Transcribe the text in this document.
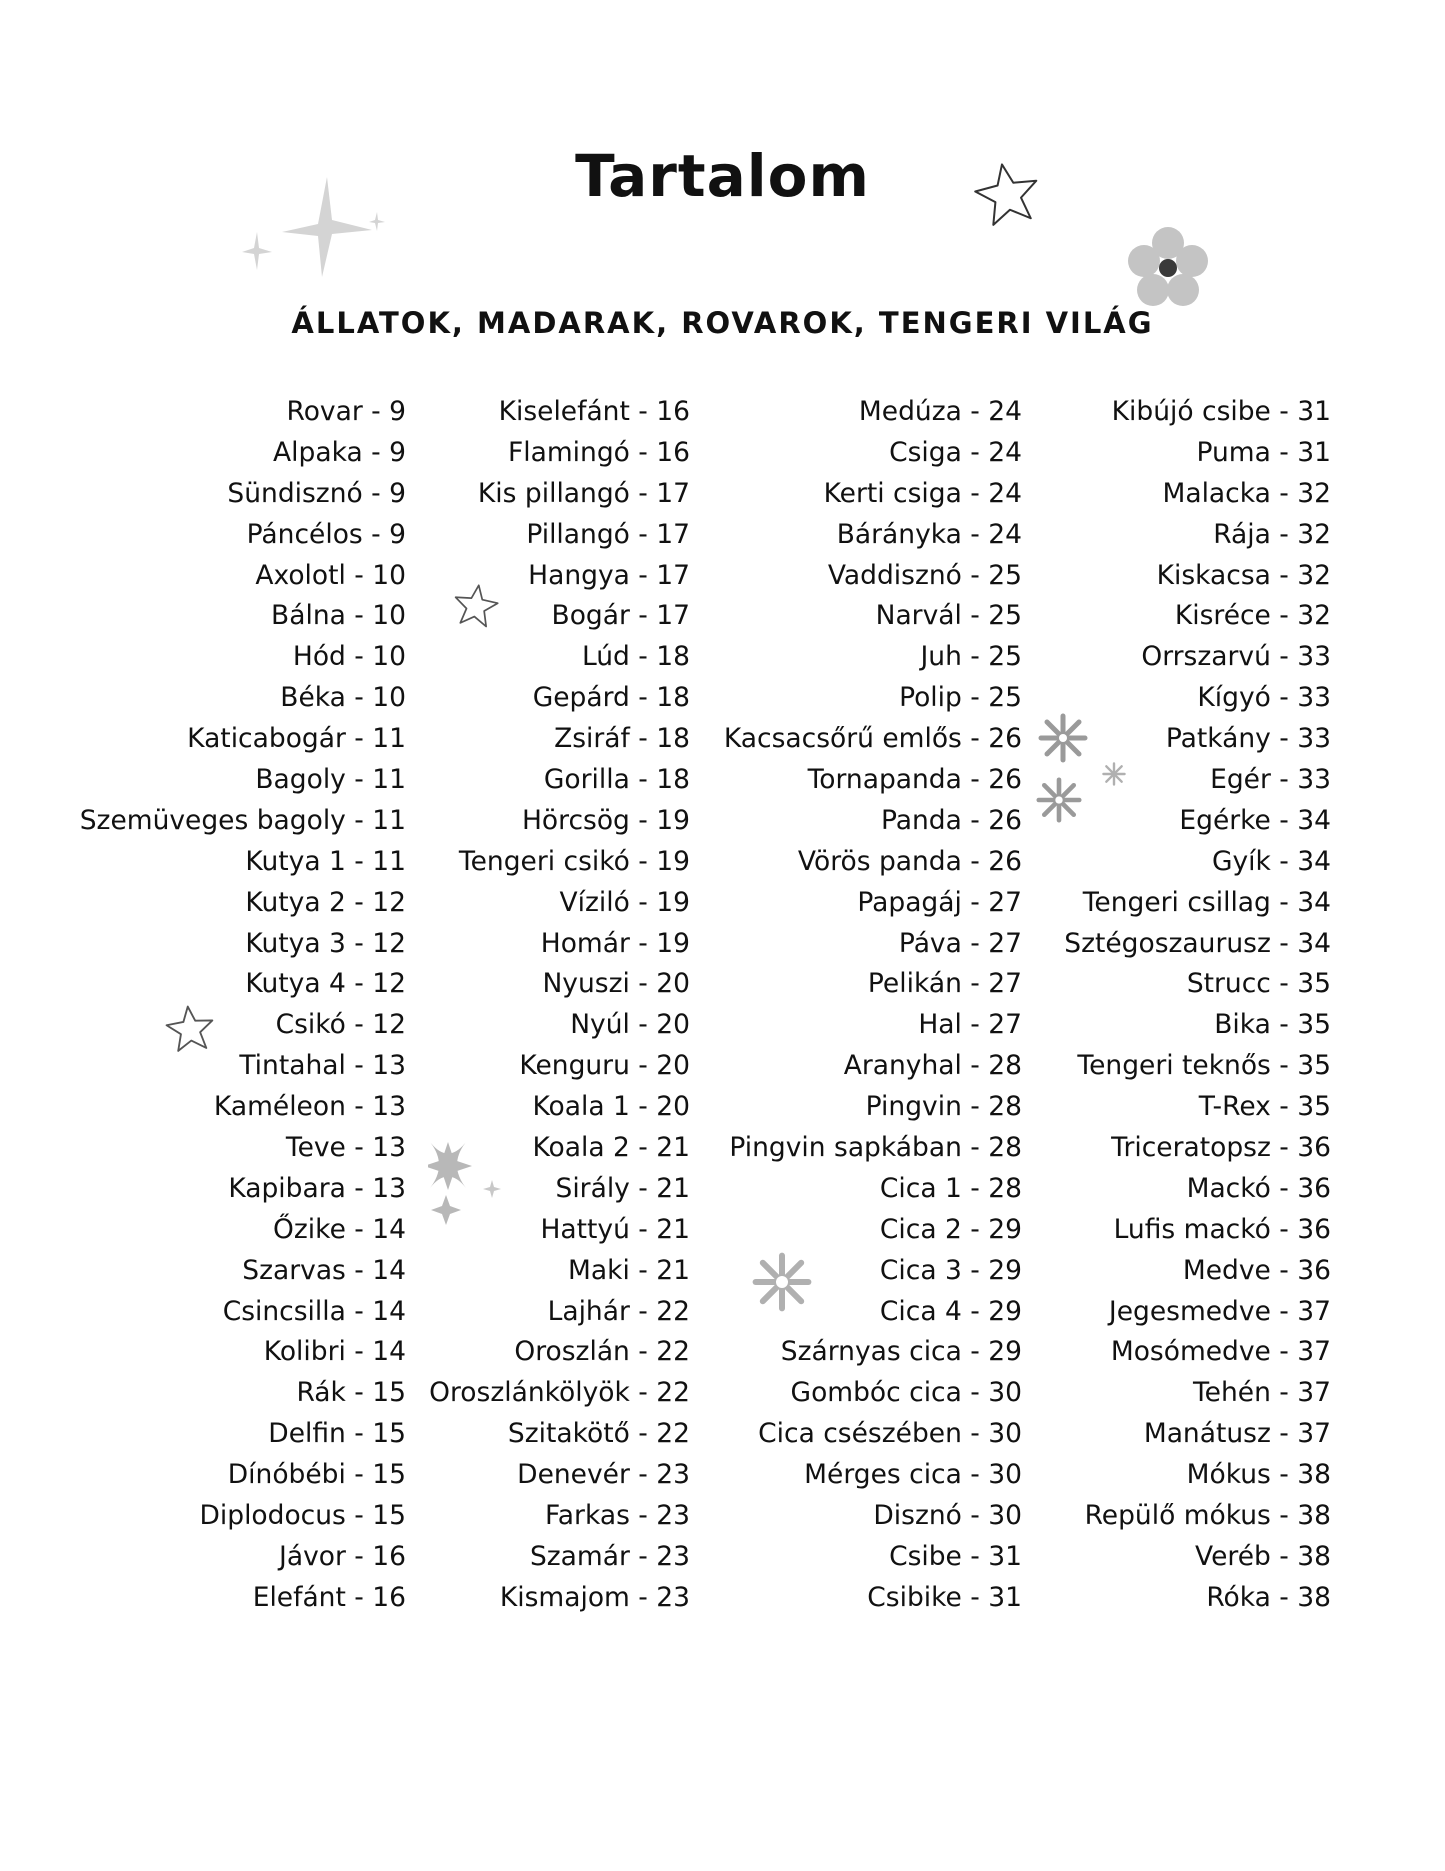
Tartalom
ÁLLATOK, MADARAK, ROVAROK, TENGERI VILÁG
Rovar - 9
Alpaka - 9
Sündisznó - 9
Páncélos - 9
Axolotl - 10
Bálna - 10
Hód - 10
Béka - 10
Katicabogár - 11
Bagoly - 11
Szemüveges bagoly - 11
Kutya 1 - 11
Kutya 2 - 12
Kutya 3 - 12
Kutya 4 - 12
Csikó - 12
Tintahal - 13
Kaméleon - 13
Teve - 13
Kapibara - 13
Őzike - 14
Szarvas - 14
Csincsilla - 14
Kolibri - 14
Rák - 15
Delfin - 15
Dínóbébi - 15
Diplodocus - 15
Jávor - 16
Elefánt - 16
Kiselefánt - 16
Flamingó - 16
Kis pillangó - 17
Pillangó - 17
Hangya - 17
Bogár - 17
Lúd - 18
Gepárd - 18
Zsiráf - 18
Gorilla - 18
Hörcsög - 19
Tengeri csikó - 19
Víziló - 19
Homár - 19
Nyuszi - 20
Nyúl - 20
Kenguru - 20
Koala 1 - 20
Koala 2 - 21
Sirály - 21
Hattyú - 21
Maki - 21
Lajhár - 22
Oroszlán - 22
Oroszlánkölyök - 22
Szitakötő - 22
Denevér - 23
Farkas - 23
Szamár - 23
Kismajom - 23
Medúza - 24
Csiga - 24
Kerti csiga - 24
Bárányka - 24
Vaddisznó - 25
Narvál - 25
Juh - 25
Polip - 25
Kacsacsőrű emlős - 26
Tornapanda - 26
Panda - 26
Vörös panda - 26
Papagáj - 27
Páva - 27
Pelikán - 27
Hal - 27
Aranyhal - 28
Pingvin - 28
Pingvin sapkában - 28
Cica 1 - 28
Cica 2 - 29
Cica 3 - 29
Cica 4 - 29
Szárnyas cica - 29
Gombóc cica - 30
Cica csészében - 30
Mérges cica - 30
Disznó - 30
Csibe - 31
Csibike - 31
Kibújó csibe - 31
Puma - 31
Malacka - 32
Rája - 32
Kiskacsa - 32
Kisréce - 32
Orrszarvú - 33
Kígyó - 33
Patkány - 33
Egér - 33
Egérke - 34
Gyík - 34
Tengeri csillag - 34
Sztégoszaurusz - 34
Strucc - 35
Bika - 35
Tengeri teknős - 35
T-Rex - 35
Triceratopsz - 36
Mackó - 36
Lufis mackó - 36
Medve - 36
Jegesmedve - 37
Mosómedve - 37
Tehén - 37
Manátusz - 37
Mókus - 38
Repülő mókus - 38
Veréb - 38
Róka - 38
